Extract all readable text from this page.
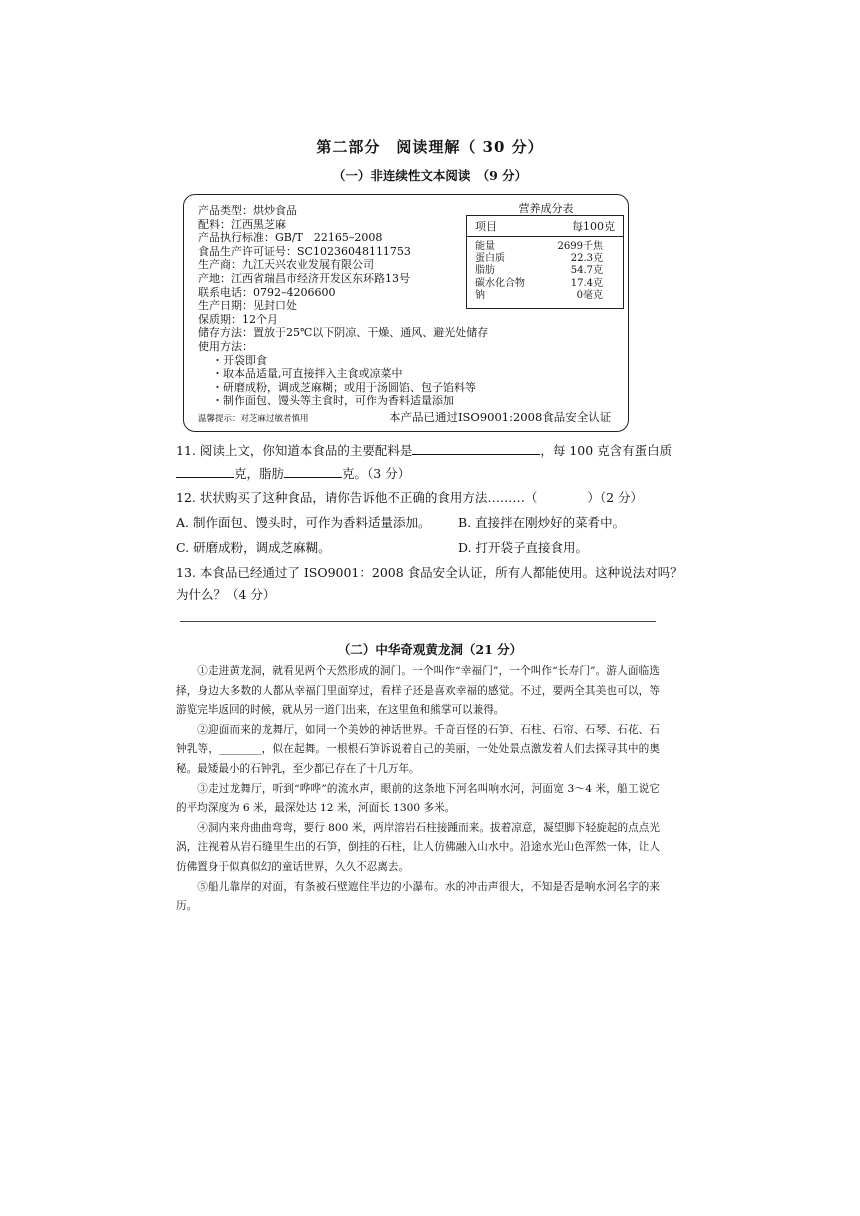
第二部分　阅读理解（ 30 分）
（一）非连续性文本阅读　（9 分）
产品类型：烘炒食品
配料：江西黑芝麻
产品执行标准：GB/T　22165–2008
食品生产许可证号：SC10236048111753
生产商：九江天兴农业发展有限公司
产地：江西省瑞昌市经济开发区东环路13号
联系电话：0792–4206600
生产日期：见封口处
保质期：12个月
储存方法：置放于25℃以下阴凉、干燥、通风、避光处储存
使用方法：
・开袋即食
・取本品适量,可直接拌入主食或凉菜中
・研磨成粉，调成芝麻糊；或用于汤圆馅、包子馅料等
・制作面包、馒头等主食时，可作为香料适量添加
营养成分表
项目	每100克
能量	2699千焦
蛋白质	22.3克
脂肪	54.7克
碳水化合物	17.4克
钠	0毫克
温馨提示：对芝麻过敏者慎用	本产品已通过ISO9001:2008食品安全认证
11. 阅读上文，你知道本食品的主要配料是	，每 100 克含有蛋白质
克，脂肪	克。（3 分）
12. 状状购买了这种食品，请你告诉他不正确的食用方法………（　　　　）（2 分）
A. 制作面包、馒头时，可作为香料适量添加。 B. 直接拌在刚炒好的菜肴中。
C. 研磨成粉，调成芝麻糊。	D. 打开袋子直接食用。
13. 本食品已经通过了 ISO9001：2008 食品安全认证，所有人都能使用。这种说法对吗？
为什么？（4 分）
（二）中华奇观黄龙洞（21 分）

①走进黄龙洞，就看见两个天然形成的洞门。一个叫作“幸福门”，一个叫作“长寿门”。游人面临选择，身边大多数的人都从幸福门里面穿过，看样子还是喜欢幸福的感觉。不过，要两全其美也可以，等游览完毕返回的时候，就从另一道门出来，在这里鱼和熊掌可以兼得。

②迎面而来的龙舞厅，如同一个美妙的神话世界。千奇百怪的石笋、石柱、石帘、石琴、石花、石钟乳等，________，似在起舞。一根根石笋诉说着自己的美丽，一处处景点激发着人们去探寻其中的奥秘。最矮最小的石钟乳，至少都已存在了十几万年。

③走过龙舞厅，听到“哗哗”的流水声，眼前的这条地下河名叫响水河，河面宽 3～4 米，船工说它的平均深度为 6 米，最深处达 12 米，河面长 1300 多米。

④洞内来舟曲曲弯弯，要行 800 米，两岸溶岩石柱接踵而来。拔着凉意，凝望脚下轻旋起的点点光涡，注视着从岩石缝里生出的石笋，倒挂的石柱，让人仿佛融入山水中。沿途水光山色浑然一体，让人仿佛置身于似真似幻的童话世界，久久不忍离去。

⑤船儿靠岸的对面，有条被石壁遮住半边的小瀑布。水的冲击声很大，不知是否是响水河名字的来历。
